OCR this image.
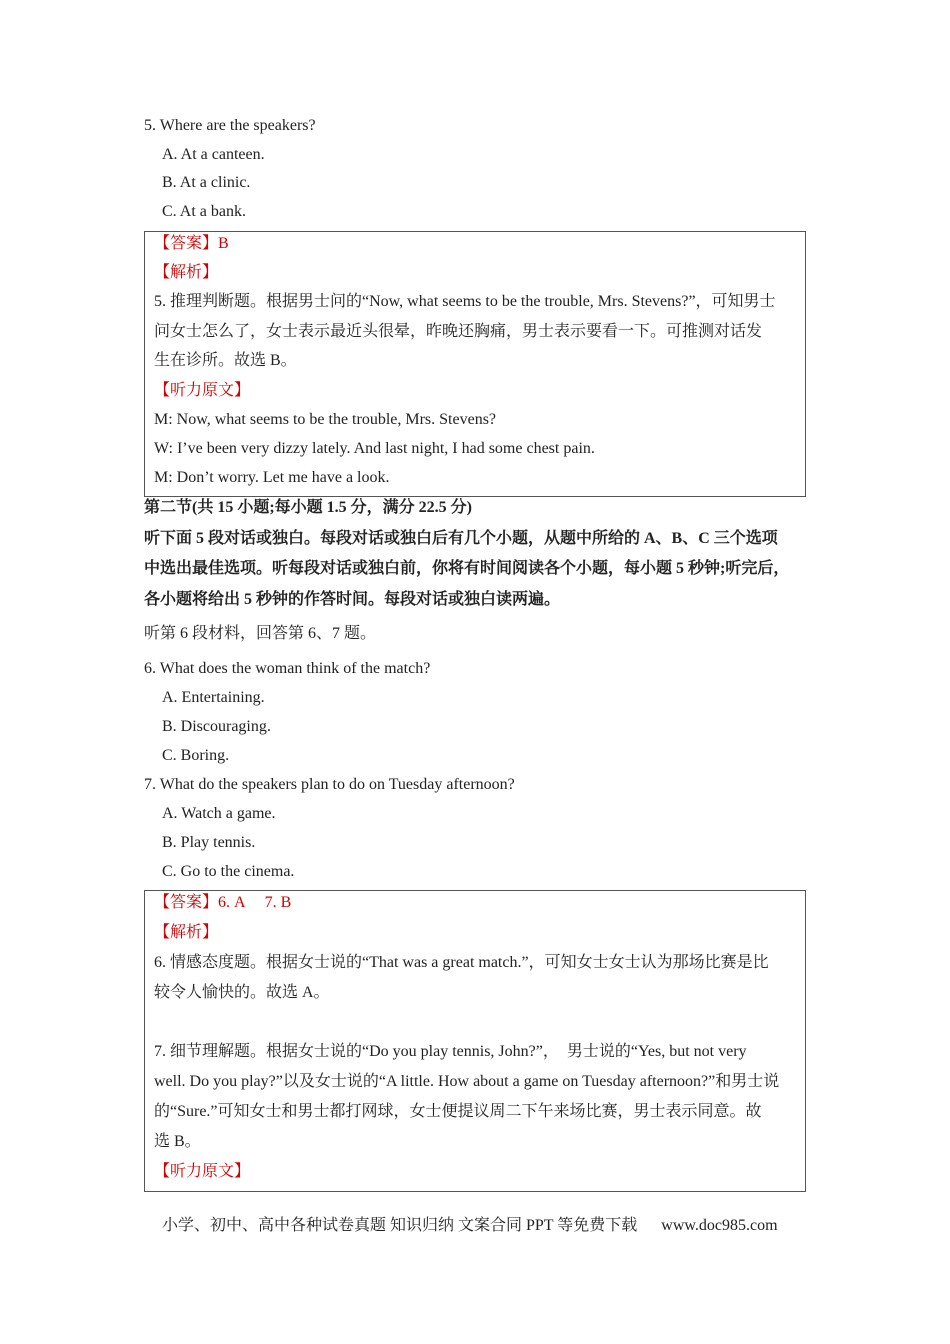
5. Where are the speakers?
A. At a canteen.
B. At a clinic.
C. At a bank.
【答案】B
【解析】
5. 推理判断题。根据男士问的“Now, what seems to be the trouble, Mrs. Stevens?”，可知男士
问女士怎么了，女士表示最近头很晕，昨晚还胸痛，男士表示要看一下。可推测对话发
生在诊所。故选 B。
【听力原文】
M: Now, what seems to be the trouble, Mrs. Stevens?
W: I’ve been very dizzy lately. And last night, I had some chest pain.
M: Don’t worry. Let me have a look.
第二节(共 15 小题;每小题 1.5 分，满分 22.5 分)
听下面 5 段对话或独白。每段对话或独白后有几个小题，从题中所给的 A、B、C 三个选项
中选出最佳选项。听每段对话或独白前，你将有时间阅读各个小题，每小题 5 秒钟;听完后，
各小题将给出 5 秒钟的作答时间。每段对话或独白读两遍。
听第 6 段材料，回答第 6、7 题。
6. What does the woman think of the match?
A. Entertaining.
B. Discouraging.
C. Boring.
7. What do the speakers plan to do on Tuesday afternoon?
A. Watch a game.
B. Play tennis.
C. Go to the cinema.
【答案】6. A     7. B
【解析】
6. 情感态度题。根据女士说的“That was a great match.”，可知女士女士认为那场比赛是比
较令人愉快的。故选 A。
7. 细节理解题。根据女士说的“Do you play tennis, John?”，  男士说的“Yes, but not very
well. Do you play?”以及女士说的“A little. How about a game on Tuesday afternoon?”和男士说
的“Sure.”可知女士和男士都打网球，女士便提议周二下午来场比赛，男士表示同意。故
选 B。
【听力原文】
小学、初中、高中各种试卷真题 知识归纳 文案合同 PPT 等免费下载 www.doc985.com
